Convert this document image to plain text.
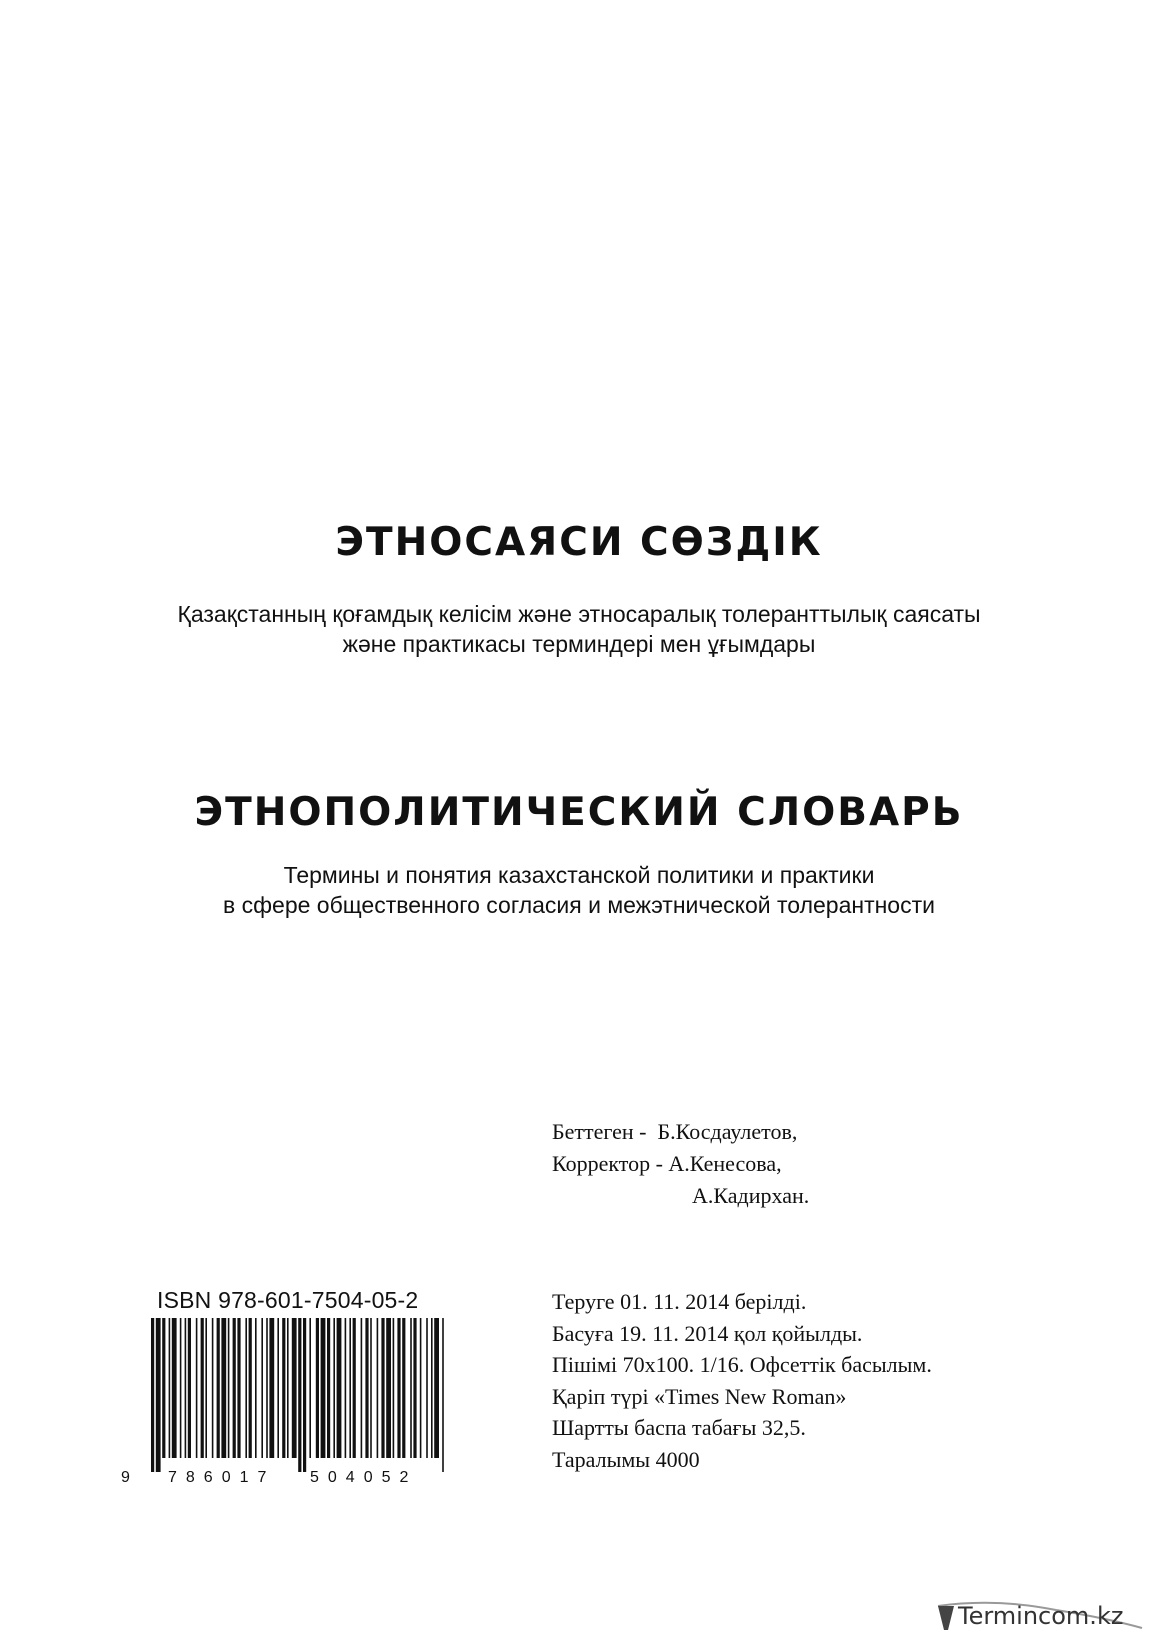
ЭТНОСАЯСИ СӨЗДІК

Қазақстанның қоғамдық келісім жəне этносаралық толеранттылық саясаты
жəне практикасы терминдері мен ұғымдары

ЭТНОПОЛИТИЧЕСКИЙ СЛОВАРЬ

Термины и понятия казахстанской политики и практики
в сфере общественного согласия и межэтнической толерантности

Беттеген - Б.Косдаулетов,
Корректор - А.Кенесова,
А.Кадирхан.
ISBN 978-601-7504-05-2
9 786017 504052
Теруге 01. 11. 2014 берілді.
Басуға 19. 11. 2014 қол қойылды.
Пішімі 70х100. 1/16. Офсеттік басылым.
Қаріп түрі «Times New Roman»
Шартты баспа табағы 32,5.
Таралымы 4000
Termincom.kz
